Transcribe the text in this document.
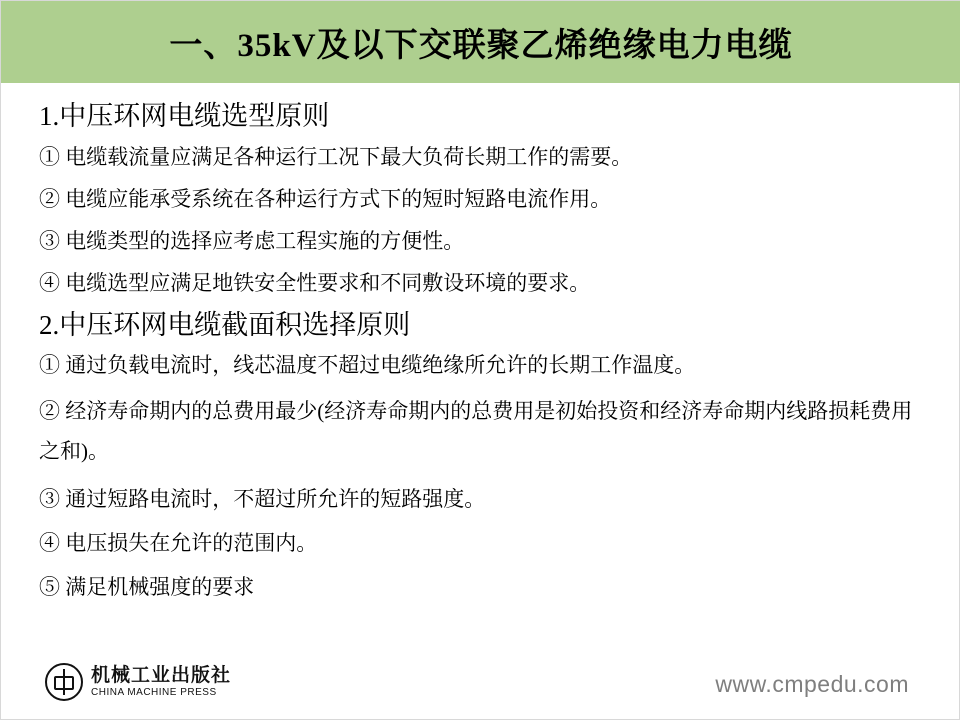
一、35kV及以下交联聚乙烯绝缘电力电缆
1.中压环网电缆选型原则
① 电缆载流量应满足各种运行工况下最大负荷长期工作的需要。
② 电缆应能承受系统在各种运行方式下的短时短路电流作用。
③ 电缆类型的选择应考虑工程实施的方便性。
④ 电缆选型应满足地铁安全性要求和不同敷设环境的要求。
2.中压环网电缆截面积选择原则
① 通过负载电流时，线芯温度不超过电缆绝缘所允许的长期工作温度。
② 经济寿命期内的总费用最少(经济寿命期内的总费用是初始投资和经济寿命期内线路损耗费用之和)。
③ 通过短路电流时，不超过所允许的短路强度。
④ 电压损失在允许的范围内。
⑤ 满足机械强度的要求
机械工业出版社
CHINA MACHINE PRESS	www.cmpedu.com
